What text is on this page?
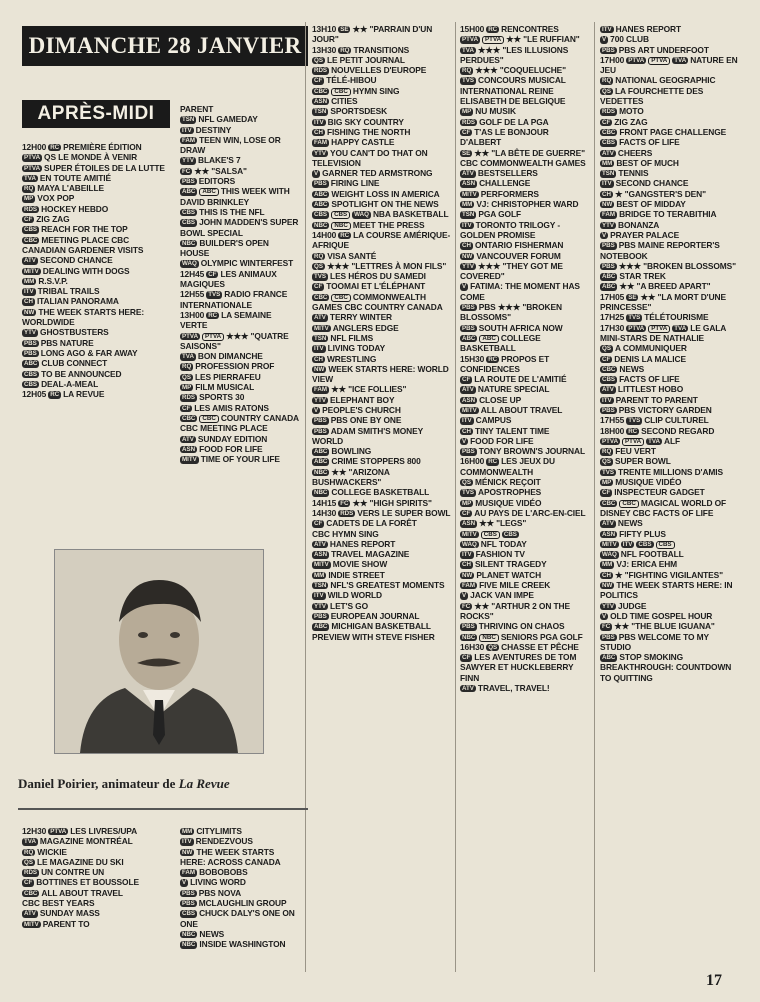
DIMANCHE 28 JANVIER
APRÈS-MIDI
12H00 RC PREMIÈRE ÉDITION
PTVA QS LE MONDE À VENIR
PTVA SUPER ÉTOILES DE LA LUTTE
TVA EN TOUTE AMITIÉ
RQ MAYA L'ABEILLE
MP VOX POP
RDS HOCKEY HEBDO
CF ZIG ZAG
CBS REACH FOR THE TOP
CBC MEETING PLACE CBC CANADIAN GARDENER VISITS
ATV SECOND CHANCE
MITV DEALING WITH DOGS
MM R.S.V.P.
ITV TRIBAL TRAILS
CH ITALIAN PANORAMA
NW THE WEEK STARTS HERE: WORLDWIDE
YTV GHOSTBUSTERS
PBS PBS NATURE
PBS LONG AGO & FAR AWAY
ABC CLUB CONNECT
CBS TO BE ANNOUNCED
CBS DEAL-A-MEAL
12H05 RC LA REVUE
PARENT
TSN NFL GAMEDAY
ITV DESTINY
FAM TEEN WIN, LOSE OR DRAW
YTV BLAKE'S 7
FC ★★ "SALSA"
PBS EDITORS
ABC ABC THIS WEEK WITH DAVID BRINKLEY
CBS THIS IS THE NFL
CBS JOHN MADDEN'S SUPER BOWL SPECIAL
NBC BUILDER'S OPEN HOUSE
WAQ OLYMPIC WINTERFEST
12H45 CF LES ANIMAUX MAGIQUES
12H55 TVS RADIO FRANCE INTERNATIONALE
13H00 RC LA SEMAINE VERTE
PTVA PTVA ★★★ "QUATRE SAISONS"
TVA BON DIMANCHE
RQ PROFESSION PROF
QS LES PIERRAFEU
MP FILM MUSICAL
RDS SPORTS 30
CF LES AMIS RATONS
CBC CBC COUNTRY CANADA CBC MEETING PLACE
ATV SUNDAY EDITION
ASN FOOD FOR LIFE
MITV TIME OF YOUR LIFE
13H10 SE ★★ "PARRAIN D'UN JOUR"
13H30 RQ TRANSITIONS
QS LE PETIT JOURNAL
RDS NOUVELLES D'EUROPE
CF TÉLÉ-HIBOU
CBC CBC HYMN SING
ASN CITIES
TSN SPORTSDESK
ITV BIG SKY COUNTRY
CH FISHING THE NORTH
FAM HAPPY CASTLE
YTV YOU CAN'T DO THAT ON TELEVISION
V GARNER TED ARMSTRONG
PBS FIRING LINE
ABC WEIGHT LOSS IN AMERICA
ABC SPOTLIGHT ON THE NEWS
CBS CBS WAQ NBA BASKETBALL
NBC NBC MEET THE PRESS
14H00 RC LA COURSE AMÉRIQUE-AFRIQUE
RQ VISA SANTÉ
QS ★★★ "LETTRES À MON FILS"
TVS LES HÉROS DU SAMEDI
CF TOOMAI ET L'ÉLÉPHANT
CBC CBC COMMONWEALTH GAMES CBC COUNTRY CANADA
ATV TERRY WINTER
MITV ANGLERS EDGE
TSN NFL FILMS
ITV LIVING TODAY
CH WRESTLING
NW WEEK STARTS HERE: WORLD VIEW
FAM ★★ "ICE FOLLIES"
YTV ELEPHANT BOY
V PEOPLE'S CHURCH
PBS PBS ONE BY ONE
PBS ADAM SMITH'S MONEY WORLD
ABC BOWLING
ABC CRIME STOPPERS 800
NBC ★★ "ARIZONA BUSHWACKERS"
NBC COLLEGE BASKETBALL
14H15 FC ★★ "HIGH SPIRITS"
14H30 RDS VERS LE SUPER BOWL
CF CADETS DE LA FORÊT
CBC HYMN SING
ATV HANES REPORT
ASN TRAVEL MAGAZINE
MITV MOVIE SHOW
MM INDIE STREET
TSN NFL'S GREATEST MOMENTS
ITV WILD WORLD
YTV LET'S GO
PBS EUROPEAN JOURNAL
ABC MICHIGAN BASKETBALL PREVIEW WITH STEVE FISHER
15H00 RC RENCONTRES
PTVA PTVA ★★ "LE RUFFIAN"
TVA ★★★ "LES ILLUSIONS PERDUES"
RQ ★★★ "COQUELUCHE"
TVS CONCOURS MUSICAL INTERNATIONAL REINE ELISABETH DE BELGIQUE
MP NU MUSIK
RDS GOLF DE LA PGA
CF T'AS LE BONJOUR D'ALBERT
SE ★★ "LA BÊTE DE GUERRE"
CBC COMMONWEALTH GAMES
ATV BESTSELLERS
ASN CHALLENGE
MITV PERFORMERS
MM VJ: CHRISTOPHER WARD
TSN PGA GOLF
ITV TORONTO TRILOGY - GOLDEN PROMISE
CH ONTARIO FISHERMAN
NW VANCOUVER FORUM
YTV ★★★ "THEY GOT ME COVERED"
V FATIMA: THE MOMENT HAS COME
PBS PBS ★★★ "BROKEN BLOSSOMS"
PBS SOUTH AFRICA NOW
ABC ABC COLLEGE BASKETBALL
15H30 RC PROPOS ET CONFIDENCES
CF LA ROUTE DE L'AMITIÉ
ATV NATURE SPECIAL
ASN CLOSE UP
MITV ALL ABOUT TRAVEL
ITV CAMPUS
CH TINY TALENT TIME
V FOOD FOR LIFE
PBS TONY BROWN'S JOURNAL
16H00 RC LES JEUX DU COMMONWEALTH
QS MÉNICK REÇOIT
TVS APOSTROPHES
MP MUSIQUE VIDÉO
CF AU PAYS DE L'ARC-EN-CIEL
ASN ★★ "LEGS"
MITV CBS CBS
WAQ NFL TODAY
ITV FASHION TV
CH SILENT TRAGEDY
NW PLANET WATCH
FAM FIVE MILE CREEK
V JACK VAN IMPE
FC ★★ "ARTHUR 2 ON THE ROCKS"
PBS THRIVING ON CHAOS
NBC NBC SENIORS PGA GOLF
16H30 QS CHASSE ET PÊCHE
CF LES AVENTURES DE TOM SAWYER ET HUCKLEBERRY FINN
ATV TRAVEL, TRAVEL!
ITV HANES REPORT
V 700 CLUB
PBS PBS ART UNDERFOOT
17H00 PTVA PTVA TVA NATURE EN JEU
RQ NATIONAL GEOGRAPHIC
QS LA FOURCHETTE DES VEDETTES
RDS MOTO
CF ZIG ZAG
CBC FRONT PAGE CHALLENGE
CBS FACTS OF LIFE
ATV CHEERS
MM BEST OF MUCH
TSN TENNIS
ITV SECOND CHANCE
CH ★ "GANGSTER'S DEN"
NW BEST OF MIDDAY
FAM BRIDGE TO TERABITHIA
YTV BONANZA
V PRAYER PALACE
PBS PBS MAINE REPORTER'S NOTEBOOK
PBS ★★★ "BROKEN BLOSSOMS"
ABC STAR TREK
ABC ★★ "A BREED APART"
17H05 SE ★★ "LA MORT D'UNE PRINCESSE"
17H25 TVS TÉLÉTOURISME
17H30 PTVA PTVA TVA LE GALA MINI-STARS DE NATHALIE
QS A COMMUNIQUER
CF DENIS LA MALICE
CBC NEWS
CBS FACTS OF LIFE
ATV LITTLEST HOBO
ITV PARENT TO PARENT
PBS PBS VICTORY GARDEN
17H55 TVS CLIP CULTUREL
18H00 RC SECOND REGARD
PTVA PTVA TVA ALF
RQ FEU VERT
QS SUPER BOWL
TVS TRENTE MILLIONS D'AMIS
MP MUSIQUE VIDÉO
CF INSPECTEUR GADGET
CBC CBC MAGICAL WORLD OF DISNEY CBC FACTS OF LIFE
ATV NEWS
ASN FIFTY PLUS
MITV ITV CBS CBS
WAQ NFL FOOTBALL
MM VJ: ERICA EHM
CH ★ "FIGHTING VIGILANTES"
NW THE WEEK STARTS HERE: IN POLITICS
YTV JUDGE
V OLD TIME GOSPEL HOUR
FC ★★ "THE BLUE IGUANA"
PBS PBS WELCOME TO MY STUDIO
ABC STOP SMOKING BREAKTHROUGH: COUNTDOWN TO QUITTING
Daniel Poirier, animateur de La Revue
12H30 PTVA LES LIVRES/UPA
TVA MAGAZINE MONTRÉAL
RQ WICKIE
QS LE MAGAZINE DU SKI
RDS UN CONTRE UN
CF BOTTINES ET BOUSSOLE
CBC ALL ABOUT TRAVEL
CBC BEST YEARS
ATV SUNDAY MASS
MITV PARENT TO
MM CITYLIMITS
ITV RENDEZVOUS
NW THE WEEK STARTS HERE: ACROSS CANADA
FAM BOBOBOBS
V LIVING WORD
PBS PBS NOVA
PBS MCLAUGHLIN GROUP
CBS CHUCK DALY'S ONE ON ONE
NBC NEWS
NBC INSIDE WASHINGTON
17
